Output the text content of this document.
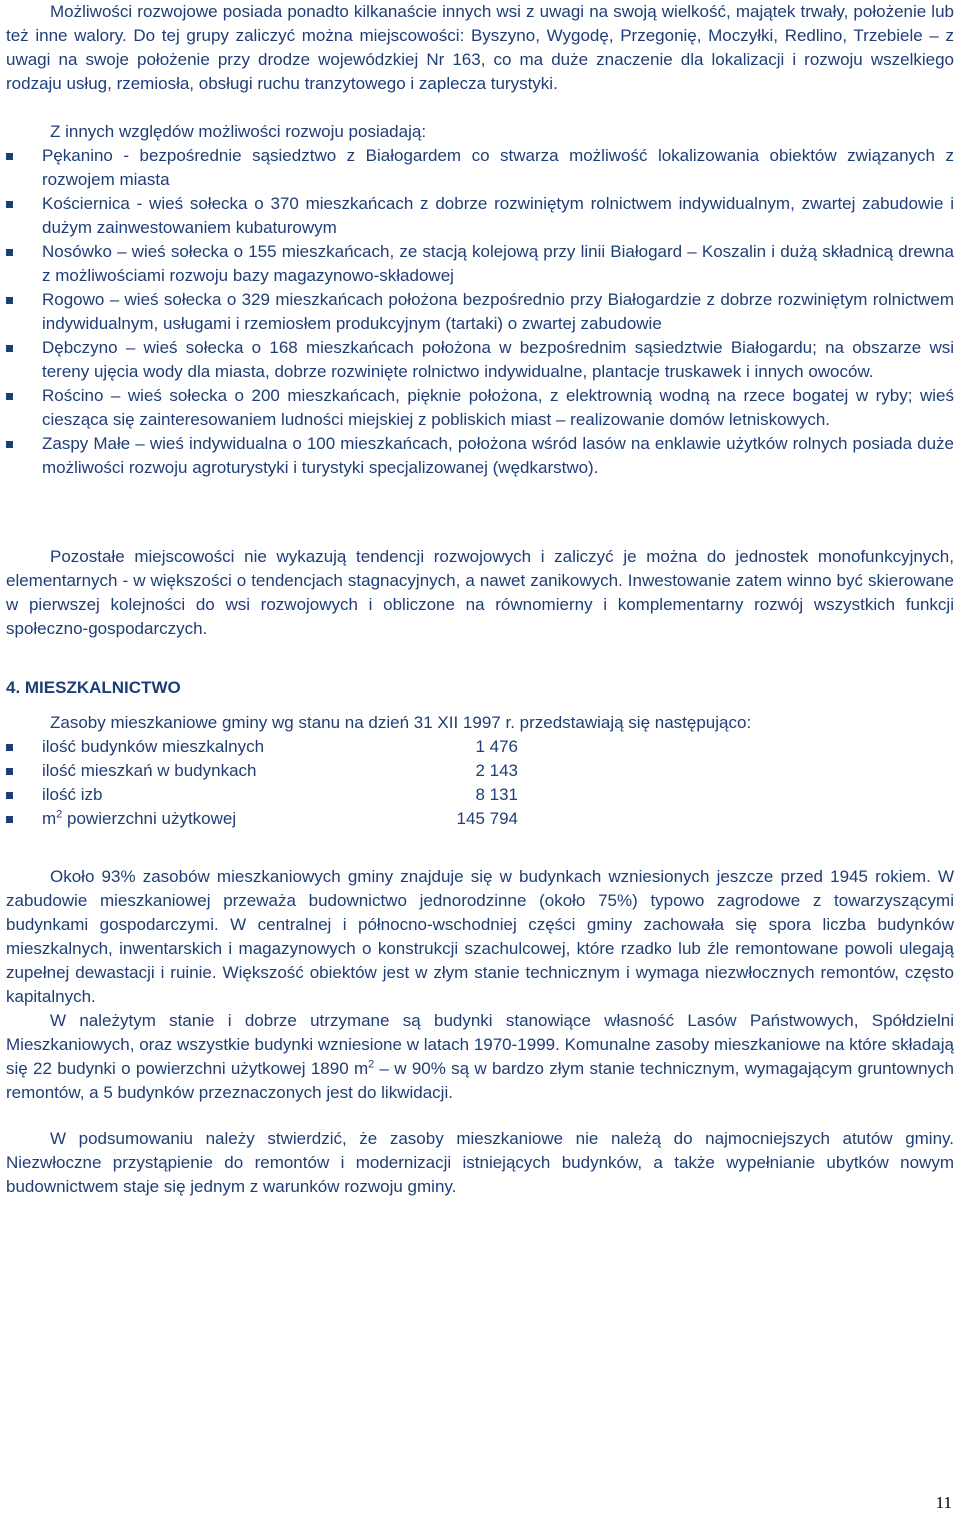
Możliwości rozwojowe posiada ponadto kilkanaście innych wsi z uwagi na swoją wielkość, majątek trwały, położenie lub też inne walory. Do tej grupy zaliczyć można miejscowości: Byszyno, Wygodę, Przegonię, Moczyłki, Redlino, Trzebiele – z uwagi na swoje położenie przy drodze wojewódzkiej Nr 163, co ma duże znaczenie dla lokalizacji i rozwoju wszelkiego rodzaju usług, rzemiosła, obsługi ruchu tranzytowego i zaplecza turystyki.

Z innych względów możliwości rozwoju posiadają:

Pękanino - bezpośrednie sąsiedztwo z Białogardem co stwarza możliwość lokalizowania obiektów związanych z rozwojem miasta
Kościernica - wieś sołecka o 370 mieszkańcach z dobrze rozwiniętym rolnictwem indywidualnym, zwartej zabudowie i dużym zainwestowaniem kubaturowym
Nosówko – wieś sołecka o 155 mieszkańcach, ze stacją kolejową przy linii Białogard – Koszalin i dużą składnicą drewna z możliwościami rozwoju bazy magazynowo-składowej
Rogowo – wieś sołecka o 329 mieszkańcach położona bezpośrednio przy Białogardzie z dobrze rozwiniętym rolnictwem indywidualnym, usługami i rzemiosłem produkcyjnym (tartaki) o zwartej zabudowie
Dębczyno – wieś sołecka o 168 mieszkańcach położona w bezpośrednim sąsiedztwie Białogardu; na obszarze wsi tereny ujęcia wody dla miasta, dobrze rozwinięte rolnictwo indywidualne, plantacje truskawek i innych owoców.
Rościno – wieś sołecka o 200 mieszkańcach, pięknie położona, z elektrownią wodną na rzece bogatej w ryby; wieś ciesząca się zainteresowaniem ludności miejskiej z pobliskich miast – realizowanie domów letniskowych.
Zaspy Małe – wieś indywidualna o 100 mieszkańcach, położona wśród lasów na enklawie użytków rolnych posiada duże możliwości rozwoju agroturystyki i turystyki specjalizowanej (wędkarstwo).

Pozostałe miejscowości nie wykazują tendencji rozwojowych i zaliczyć je można do jednostek monofunkcyjnych, elementarnych - w większości o tendencjach stagnacyjnych, a nawet zanikowych. Inwestowanie zatem winno być skierowane w pierwszej kolejności do wsi rozwojowych i obliczone na równomierny i komplementarny rozwój wszystkich funkcji społeczno-gospodarczych.

4. MIESZKALNICTWO
Zasoby mieszkaniowe gminy wg stanu na dzień 31 XII 1997 r. przedstawiają się następująco:
ilość budynków mieszkalnych	1 476
ilość mieszkań w budynkach	2 143
ilość izb	8 131
$m^2$ powierzchni użytkowej	145 794

Około 93% zasobów mieszkaniowych gminy znajduje się w budynkach wzniesionych jeszcze przed 1945 rokiem. W zabudowie mieszkaniowej przeważa budownictwo jednorodzinne (około 75%) typowo zagrodowe z towarzyszącymi budynkami gospodarczymi. W centralnej i północno-wschodniej części gminy zachowała się spora liczba budynków mieszkalnych, inwentarskich i magazynowych o konstrukcji szachulcowej, które rzadko lub źle remontowane powoli ulegają zupełnej dewastacji i ruinie. Większość obiektów jest w złym stanie technicznym i wymaga niezwłocznych remontów, często kapitalnych.

W należytym stanie i dobrze utrzymane są budynki stanowiące własność Lasów Państwowych, Spółdzielni Mieszkaniowych, oraz wszystkie budynki wzniesione w latach 1970-1999. Komunalne zasoby mieszkaniowe na które składają się 22 budynki o powierzchni użytkowej 1890 $m^2$ – w 90% są w bardzo złym stanie technicznym, wymagającym gruntownych remontów, a 5 budynków przeznaczonych jest do likwidacji.

W podsumowaniu należy stwierdzić, że zasoby mieszkaniowe nie należą do najmocniejszych atutów gminy. Niezwłoczne przystąpienie do remontów i modernizacji istniejących budynków, a także wypełnianie ubytków nowym budownictwem staje się jednym z warunków rozwoju gminy.

11
